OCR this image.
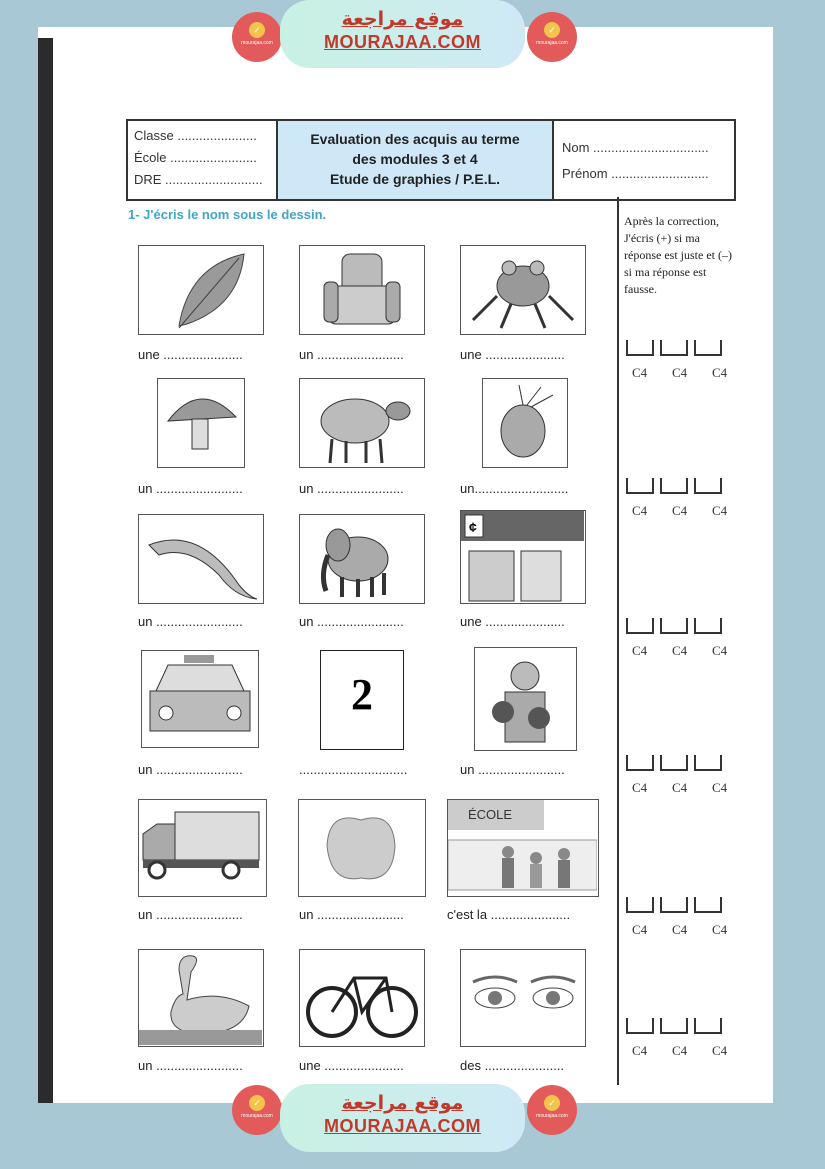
✓
mourajaa.com
موقع مراجعة
MOURAJAA.COM
✓
mourajaa.com
Classe ......................
École ........................
DRE ...........................
Evaluation des acquis au terme
des modules 3 et 4
Etude de graphies / P.E.L.
Nom ................................
Prénom ...........................
1- J'écris le nom sous le dessin.	Après la correction, J'écris (+) si ma réponse est juste et (–) si ma réponse est fausse.
une ......................	un ........................	une ......................
C4 C4 C4
un ........................	un ........................	un..........................
C4 C4 C4
un ........................	un ........................
¢
une ......................
C4 C4 C4
un ........................
2
..............................	un ........................
C4 C4 C4
un ........................	un ........................
ÉCOLE
c'est la ......................
C4 C4 C4
un ........................	une ......................	des ......................
C4 C4 C4
✓
mourajaa.com
موقع مراجعة
MOURAJAA.COM
✓
mourajaa.com
